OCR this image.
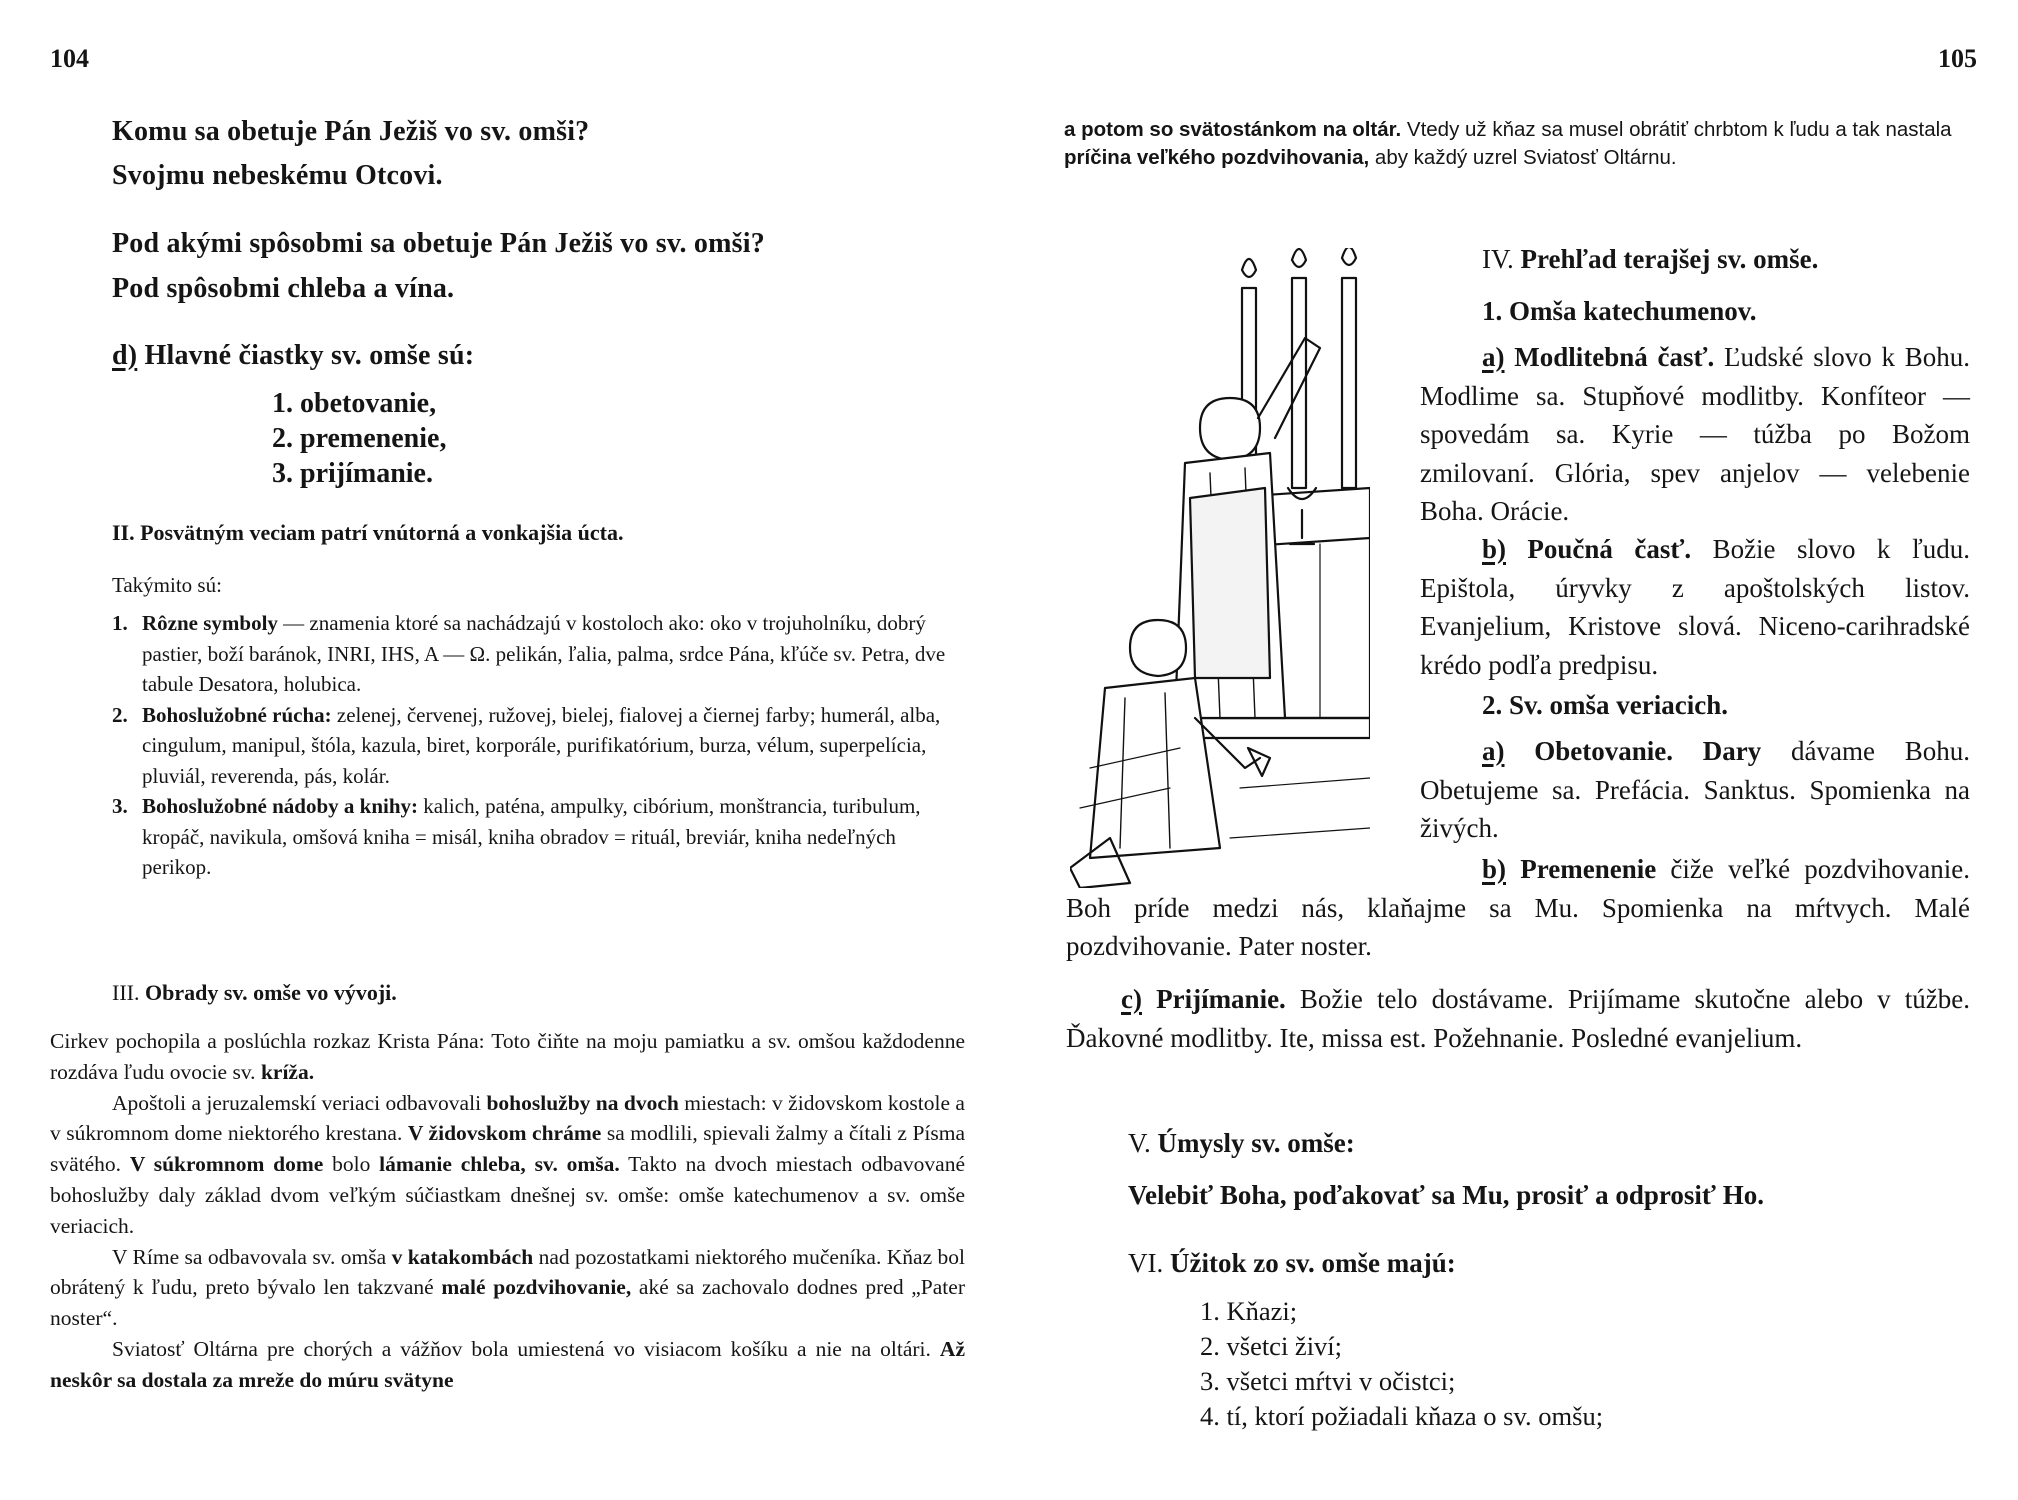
104
Komu sa obetuje Pán Ježiš vo sv. omši?
Svojmu nebeskému Otcovi.
Pod akými spôsobmi sa obetuje Pán Ježiš vo sv. omši?
Pod spôsobmi chleba a vína.
d) Hlavné čiastky sv. omše sú:
1. obetovanie,
2. premenenie,
3. prijímanie.
II. Posvätným veciam patrí vnútorná a vonkajšia úcta.
Takýmito sú:
1. Rôzne symboly — znamenia ktoré sa nachádzajú v kostoloch ako: oko v trojuholníku, dobrý pastier, boží baránok, INRI, IHS, A — Ω. pelikán, ľalia, palma, srdce Pána, kľúče sv. Petra, dve tabule Desatora, holubica.
2. Bohoslužobné rúcha: zelenej, červenej, ružovej, bielej, fialovej a čiernej farby; humerál, alba, cingulum, manipul, štóla, kazula, biret, korporále, purifikatórium, burza, vélum, superpelícia, pluviál, reverenda, pás, kolár.
3. Bohoslužobné nádoby a knihy: kalich, paténa, ampulky, cibórium, monštrancia, turibulum, kropáč, navikula, omšová kniha = misál, kniha obradov = rituál, breviár, kniha nedeľných perikop.
III. Obrady sv. omše vo vývoji.

Cirkev pochopila a poslúchla rozkaz Krista Pána: Toto čiňte na moju pamiatku a sv. omšou každodenne rozdáva ľudu ovocie sv. kríža.

Apoštoli a jeruzalemskí veriaci odbavovali bohoslužby na dvoch miestach: v židovskom kostole a v súkromnom dome niektorého krestana. V židovskom chráme sa modlili, spievali žalmy a čítali z Písma svätého. V súkromnom dome bolo lámanie chleba, sv. omša. Takto na dvoch miestach odbavované bohoslužby daly základ dvom veľkým súčiastkam dnešnej sv. omše: omše katechumenov a sv. omše veriacich.

V Ríme sa odbavovala sv. omša v katakombách nad pozostatkami niektorého mučeníka. Kňaz bol obrátený k ľudu, preto bývalo len takzvané malé pozdvihovanie, aké sa zachovalo dodnes pred „Pater noster“.

Sviatosť Oltárna pre chorých a vážňov bola umiestená vo visiacom košíku a nie na oltári. Až neskôr sa dostala za mreže do múru svätyne

105
a potom so svätostánkom na oltár. Vtedy už kňaz sa musel obrátiť chrbtom k ľudu a tak nastala príčina veľkého pozdvihovania, aby každý uzrel Sviatosť Oltárnu.
IV. Prehľad terajšej sv. omše.
1. Omša katechumenov.
a) Modlitebná časť. Ľudské slovo k Bohu. Modlime sa. Stupňové modlitby. Konfíteor — spovedám sa. Kyrie — túžba po Božom zmilovaní. Glória, spev anjelov — velebenie Boha. Orácie.
b) Poučná časť. Božie slovo k ľudu. Epištola, úryvky z apoštolských listov. Evanjelium, Kristove slová. Niceno-carihradské krédo podľa predpisu.
2. Sv. omša veriacich.
a) Obetovanie. Dary dávame Bohu. Obetujeme sa. Prefácia. Sanktus. Spomienka na živých.
b) Premenenie čiže veľké pozdvihovanie. Boh príde medzi nás, klaňajme sa Mu. Spomienka na mŕtvych. Malé pozdvihovanie. Pater noster.
c) Prijímanie. Božie telo dostávame. Prijímame skutočne alebo v túžbe. Ďakovné modlitby. Ite, missa est. Požehnanie. Posledné evanjelium.
V. Úmysly sv. omše:
Velebiť Boha, poďakovať sa Mu, prosiť a odprosiť Ho.
VI. Úžitok zo sv. omše majú:
1. Kňazi;
2. všetci živí;
3. všetci mŕtvi v očistci;
4. tí, ktorí požiadali kňaza o sv. omšu;
